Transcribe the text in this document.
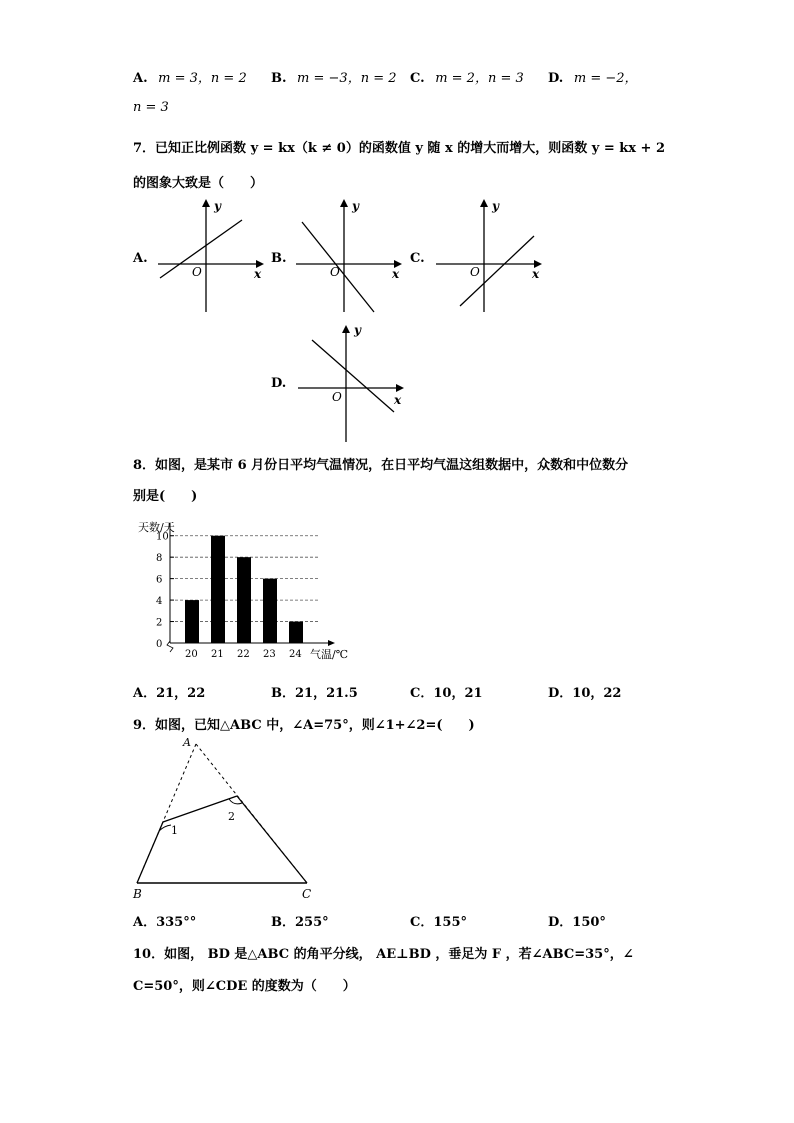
A. m = 3，n = 2 B. m = −3，n = 2 C. m = 2，n = 3 D. m = −2，
n = 3
7．已知正比例函数 y = kx（k ≠ 0）的函数值 y 随 x 的增大而增大，则函数 y = kx + 2
的图象大致是（　　）
A.
y
x
O
B.
y
x
O
C.
y
x
O
D.
y
x
O
8．如图，是某市 6 月份日平均气温情况，在日平均气温这组数据中，众数和中位数分
别是(　　)
天数/天
气温/℃
0
2
4
6
8
10
20 21 22 23 24
A．21，22	B．21，21.5	C．10，21	D．10，22
9．如图，已知△ABC 中，∠A=75°，则∠1+∠2=(　　)
A
B	C
1
2
A．335°°	B．255°	C．155°	D．150°
10．如图， BD 是△ABC 的角平分线， AE⊥BD ，垂足为 F ，若∠ABC=35°，∠
C=50°，则∠CDE 的度数为（　　）
